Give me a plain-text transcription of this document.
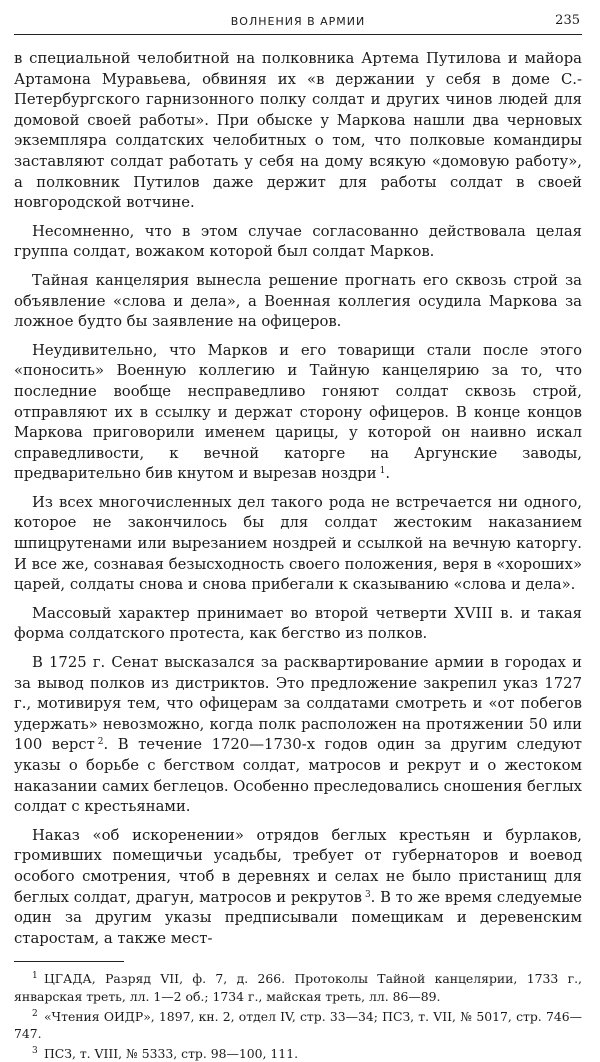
ВОЛНЕНИЯ В АРМИИ	235

в специальной челобитной на полковника Артема Путилова и майора Артамона Муравьева, обвиняя их «в держании у себя в доме С.-Петербургского гарнизонного полку солдат и других чинов людей для домовой своей работы». При обыске у Маркова нашли два черновых экземпляра солдатских челобитных о том, что полковые командиры заставляют солдат работать у себя на дому всякую «домовую работу», а полковник Путилов даже держит для работы солдат в своей новгородской вотчине.

Несомненно, что в этом случае согласованно действовала целая группа солдат, вожаком которой был солдат Марков.

Тайная канцелярия вынесла решение прогнать его сквозь строй за объявление «слова и дела», а Военная коллегия осудила Маркова за ложное будто бы заявление на офицеров.

Неудивительно, что Марков и его товарищи стали после этого «поносить» Военную коллегию и Тайную канцелярию за то, что последние вообще несправедливо гоняют солдат сквозь строй, отправляют их в ссылку и держат сторону офицеров. В конце концов Маркова приговорили именем царицы, у которой он наивно искал справедливости, к вечной каторге на Аргунские заводы, предварительно бив кнутом и вырезав ноздри  $^1$.

Из всех многочисленных дел такого рода не встречается ни одного, которое не закончилось бы для солдат жестоким наказанием шпицрутенами или вырезанием ноздрей и ссылкой на вечную каторгу. И все же, сознавая безысходность своего положения, веря в «хороших» царей, солдаты снова и снова прибегали к сказыванию «слова и дела».

Массовый характер принимает во второй четверти XVIII в. и такая форма солдатского протеста, как бегство из полков.

В 1725 г. Сенат высказался за расквартирование армии в городах и за вывод полков из дистриктов. Это предложение закрепил указ 1727 г., мотивируя тем, что офицерам за солдатами смотреть и «от побегов удержать» невозможно, когда полк расположен на протяжении 50 или 100 верст  $^2$. В течение 1720—1730-х годов один за другим следуют указы о борьбе с бегством солдат, матросов и рекрут и о жестоком наказании самих беглецов. Особенно преследовались сношения беглых солдат с крестьянами.

Наказ «об искоренении» отрядов беглых крестьян и бурлаков, громивших помещичьи усадьбы, требует от губернаторов и воевод особого смотрения, чтоб в деревнях и селах не было пристанищ для беглых солдат, драгун, матросов и рекрутов  $^3$. В то же время следуемые один за другим указы предписывали помещикам и деревенским старостам, а также мест-

$^1$  ЦГАДА, Разряд VII, ф. 7, д. 266. Протоколы Тайной канцелярии, 1733 г., январская треть, лл. 1—2 об.; 1734 г., майская треть, лл. 86—89.

$^2$  «Чтения ОИДР», 1897, кн. 2, отдел IV, стр. 33—34; ПСЗ, т. VII, № 5017, стр. 746—747.

$^3$  ПСЗ, т. VIII, № 5333, стр. 98—100, 111.
